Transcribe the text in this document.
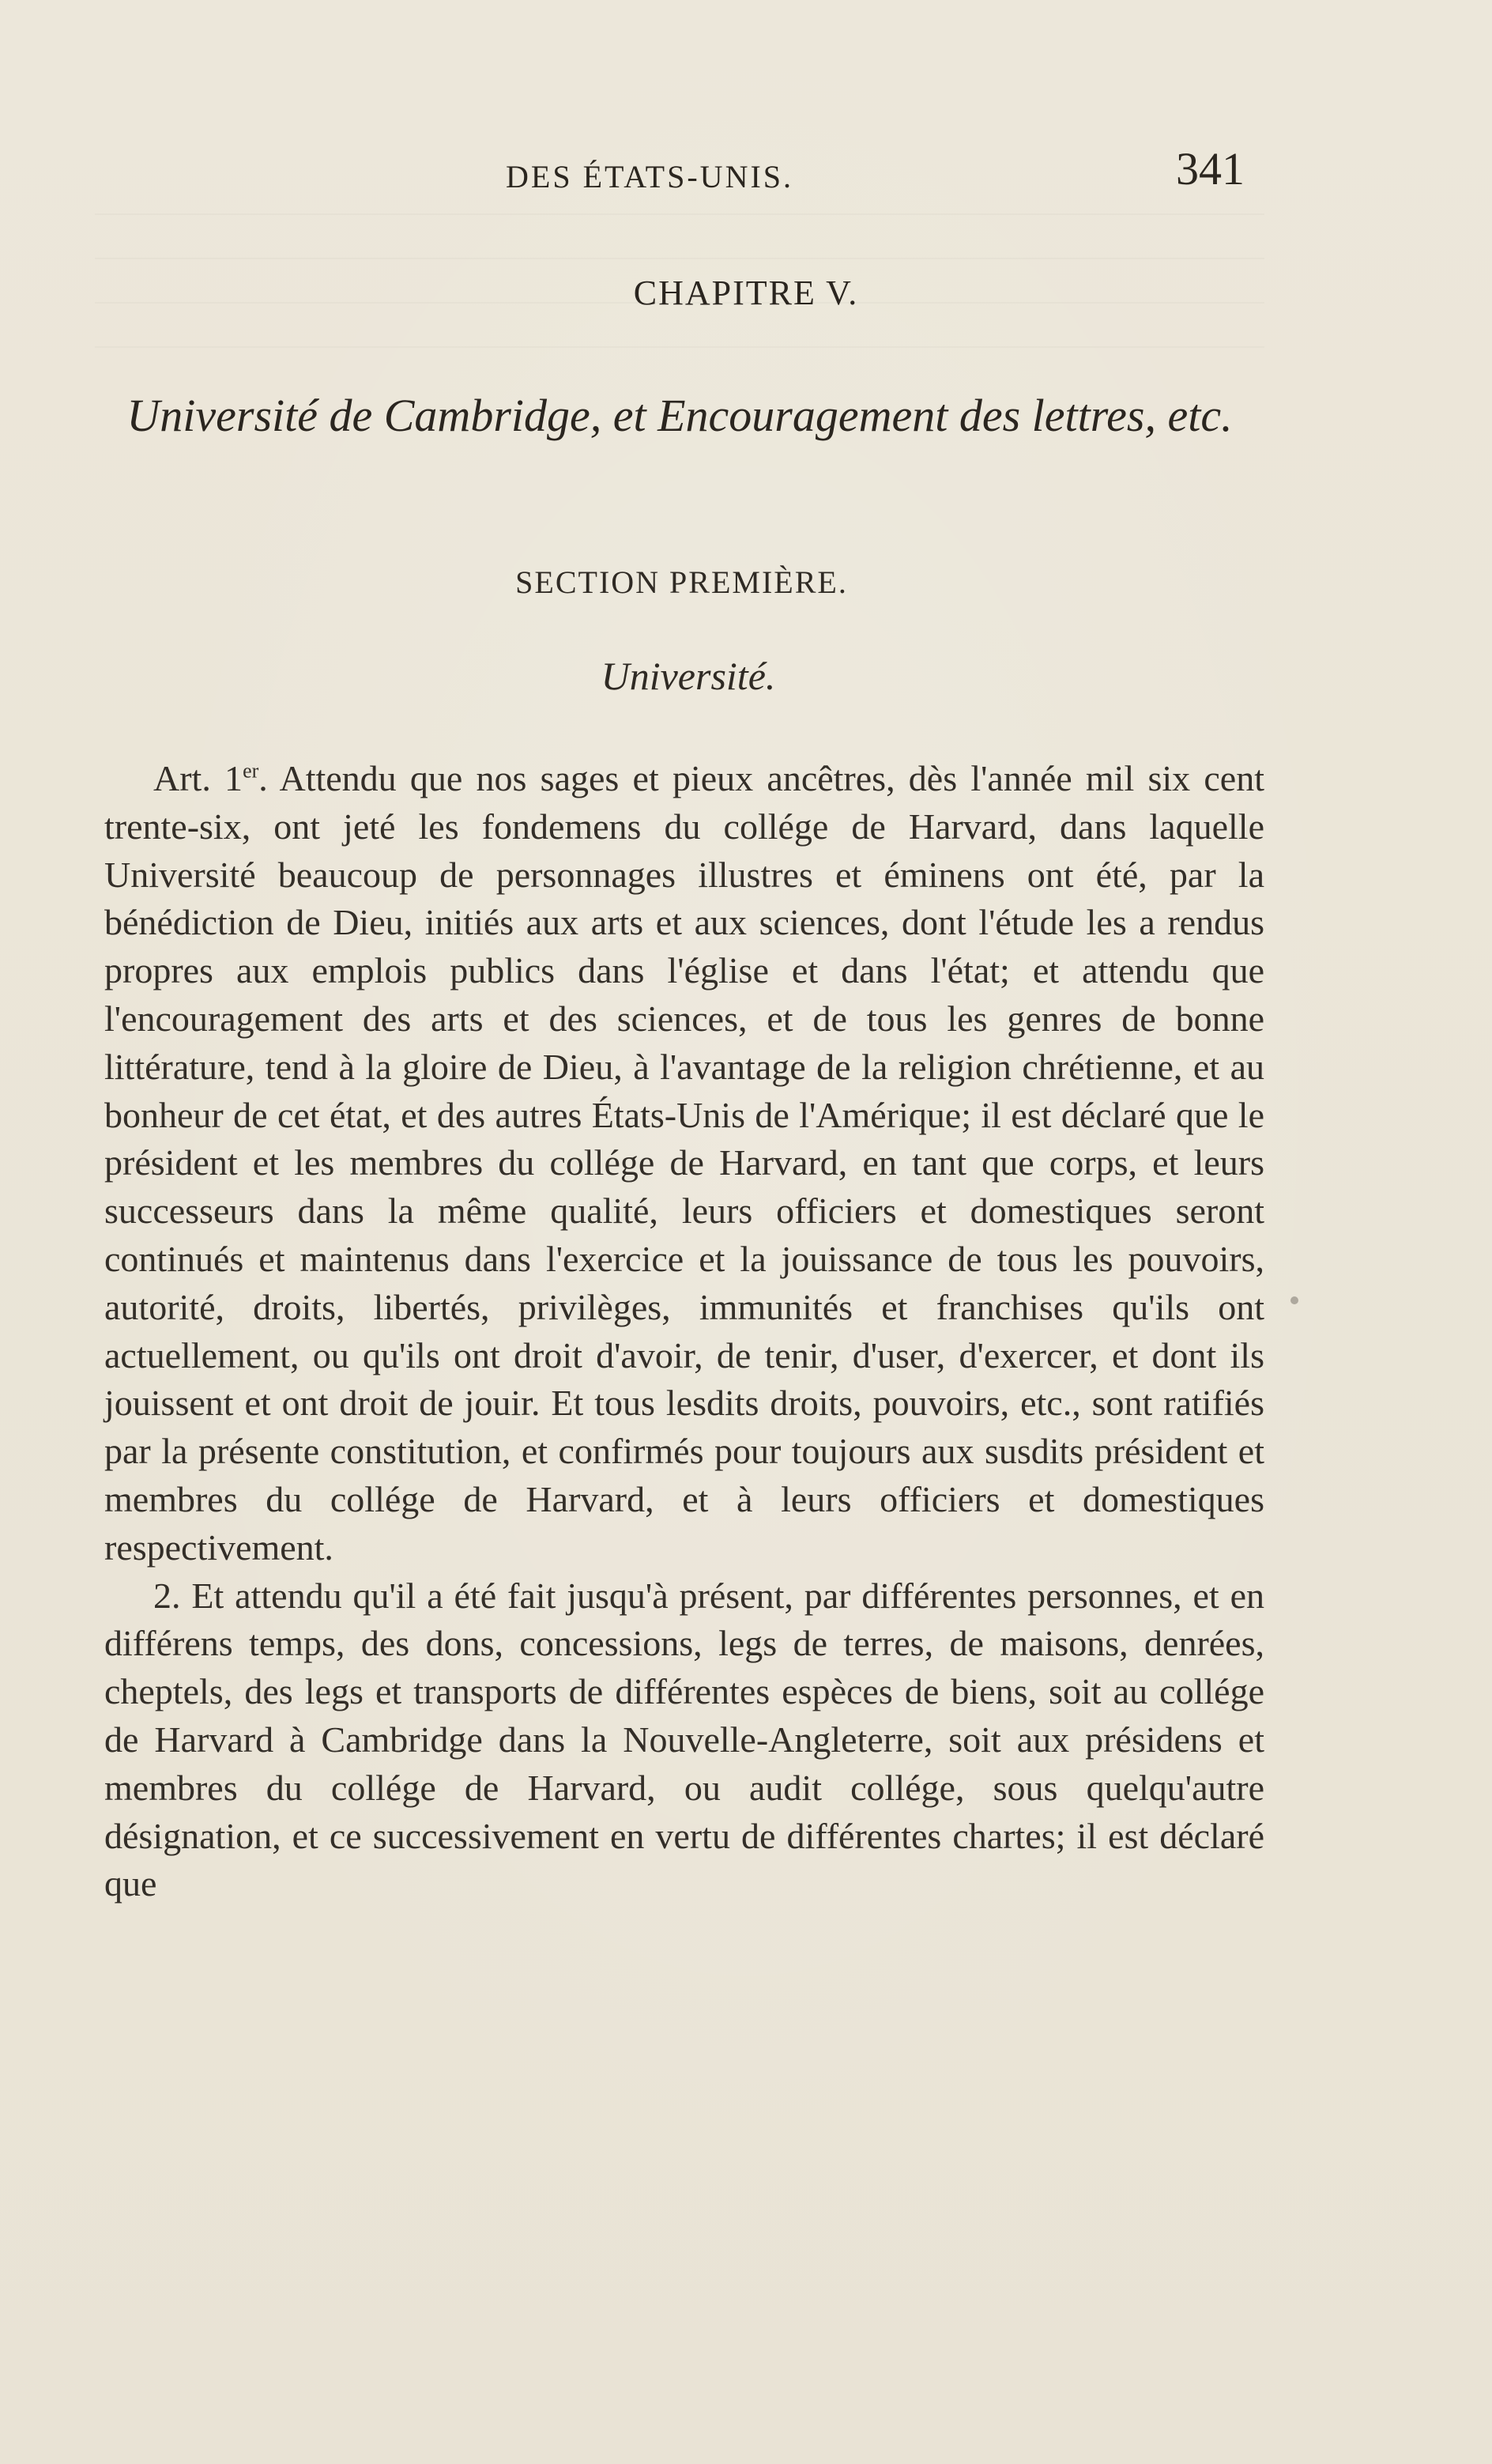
DES ÉTATS-UNIS.	341
CHAPITRE V.
Université de Cambridge, et Encouragement des lettres, etc.
SECTION PREMIÈRE.
Université.

Art. 1er. Attendu que nos sages et pieux ancêtres, dès l'année mil six cent trente-six, ont jeté les fondemens du collége de Harvard, dans laquelle Université beaucoup de personnages illustres et éminens ont été, par la bénédiction de Dieu, initiés aux arts et aux sciences, dont l'étude les a rendus propres aux emplois publics dans l'église et dans l'état; et attendu que l'encouragement des arts et des sciences, et de tous les genres de bonne littérature, tend à la gloire de Dieu, à l'avantage de la religion chrétienne, et au bonheur de cet état, et des autres États-Unis de l'Amérique; il est déclaré que le président et les membres du collége de Harvard, en tant que corps, et leurs successeurs dans la même qualité, leurs officiers et domestiques seront continués et maintenus dans l'exercice et la jouissance de tous les pouvoirs, autorité, droits, libertés, privilèges, immunités et franchises qu'ils ont actuellement, ou qu'ils ont droit d'avoir, de tenir, d'user, d'exercer, et dont ils jouissent et ont droit de jouir. Et tous lesdits droits, pouvoirs, etc., sont ratifiés par la présente constitution, et confirmés pour toujours aux susdits président et membres du collége de Harvard, et à leurs officiers et domestiques respectivement.

2. Et attendu qu'il a été fait jusqu'à présent, par différentes personnes, et en différens temps, des dons, concessions, legs de terres, de maisons, denrées, cheptels, des legs et transports de différentes espèces de biens, soit au collége de Harvard à Cambridge dans la Nouvelle-Angleterre, soit aux présidens et membres du collége de Harvard, ou audit collége, sous quelqu'autre désignation, et ce successivement en vertu de différentes chartes; il est déclaré que
